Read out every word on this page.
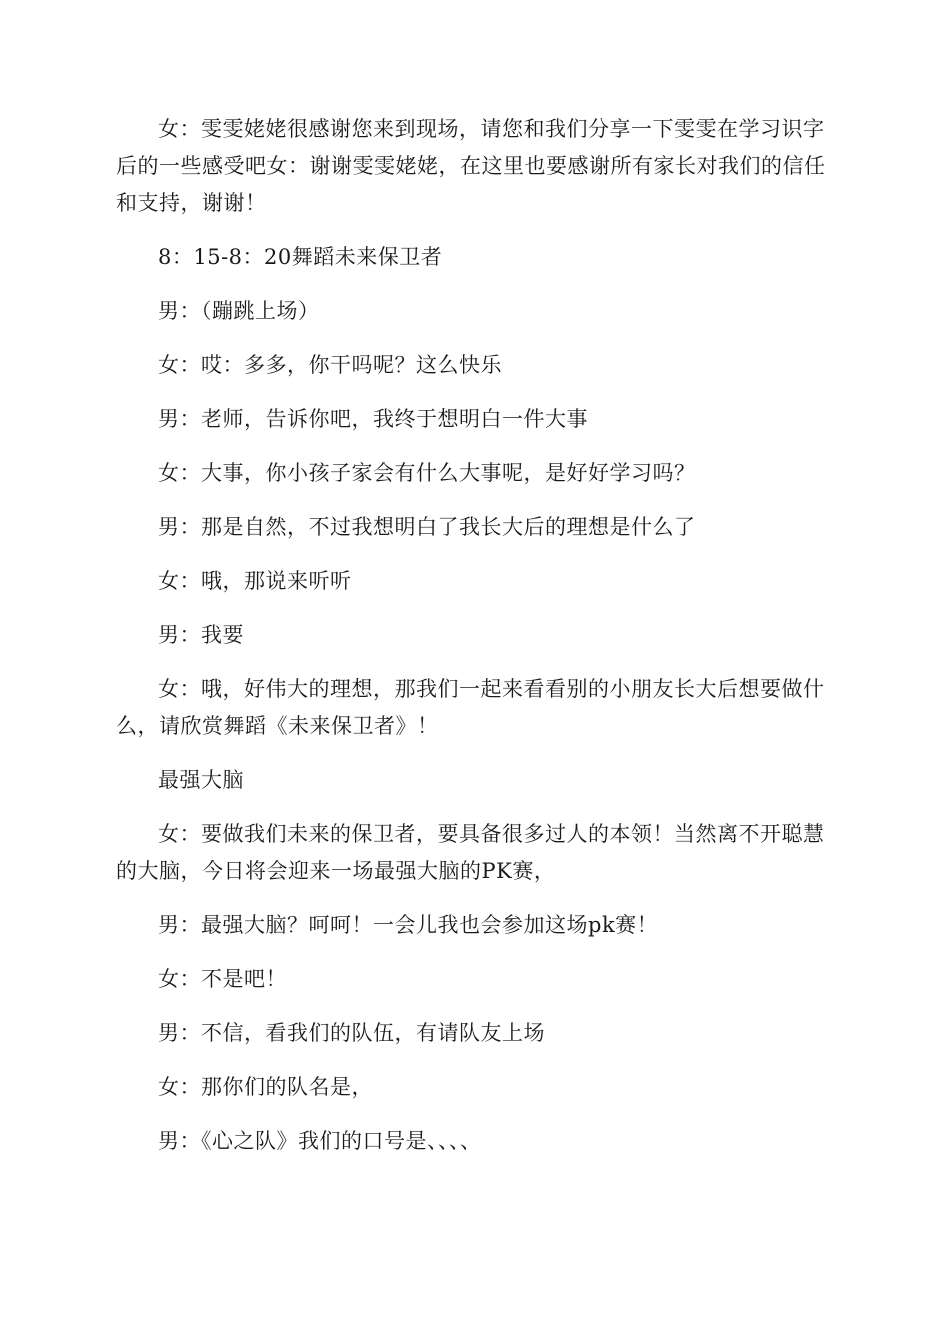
女：雯雯姥姥很感谢您来到现场，请您和我们分享一下雯雯在学习识字后的一些感受吧女：谢谢雯雯姥姥，在这里也要感谢所有家长对我们的信任和支持，谢谢！

8：15-8：20舞蹈未来保卫者

男：（蹦跳上场）

女：哎：多多，你干吗呢？这么快乐

男：老师，告诉你吧，我终于想明白一件大事

女：大事，你小孩子家会有什么大事呢，是好好学习吗？

男：那是自然，不过我想明白了我长大后的理想是什么了

女：哦，那说来听听

男：我要

女：哦，好伟大的理想，那我们一起来看看别的小朋友长大后想要做什么，请欣赏舞蹈《未来保卫者》！

最强大脑

女：要做我们未来的保卫者，要具备很多过人的本领！当然离不开聪慧的大脑，今日将会迎来一场最强大脑的PK赛，

男：最强大脑？呵呵！一会儿我也会参加这场pk赛！

女：不是吧！

男：不信，看我们的队伍，有请队友上场

女：那你们的队名是，

男：《心之队》我们的口号是、、、、
